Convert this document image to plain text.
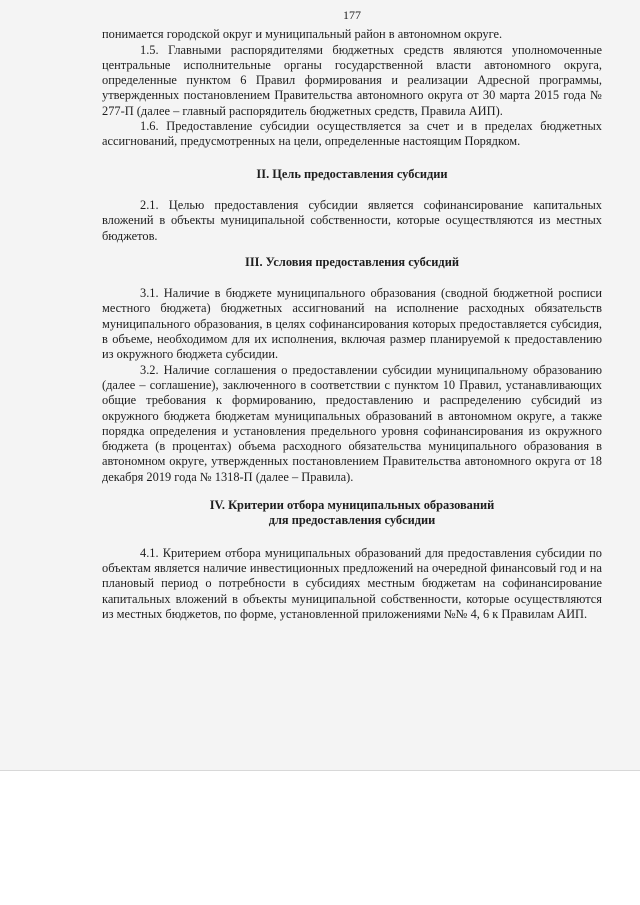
177

понимается городской округ и муниципальный район в автономном округе.

1.5. Главными распорядителями бюджетных средств являются уполномоченные центральные исполнительные органы государственной власти автономного округа, определенные пунктом 6 Правил формирования и реализации Адресной программы, утвержденных постановлением Правительства автономного округа от 30 марта 2015 года № 277-П (далее – главный распорядитель бюджетных средств, Правила АИП).

1.6. Предоставление субсидии осуществляется за счет и в пределах бюджетных ассигнований, предусмотренных на цели, определенные настоящим Порядком.

II. Цель предоставления субсидии

2.1. Целью предоставления субсидии является софинансирование капитальных вложений в объекты муниципальной собственности, которые осуществляются из местных бюджетов.

III. Условия предоставления субсидий

3.1. Наличие в бюджете муниципального образования (сводной бюджетной росписи местного бюджета) бюджетных ассигнований на исполнение расходных обязательств муниципального образования, в целях софинансирования которых предоставляется субсидия, в объеме, необходимом для их исполнения, включая размер планируемой к предоставлению из окружного бюджета субсидии.

3.2. Наличие соглашения о предоставлении субсидии муниципальному образованию (далее – соглашение), заключенного в соответствии с пунктом 10 Правил, устанавливающих общие требования к формированию, предоставлению и распределению субсидий из окружного бюджета бюджетам муниципальных образований в автономном округе, а также порядка определения и установления предельного уровня софинансирования из окружного бюджета (в процентах) объема расходного обязательства муниципального образования в автономном округе, утвержденных постановлением Правительства автономного округа от 18 декабря 2019 года № 1318-П (далее – Правила).

IV. Критерии отбора муниципальных образований
для предоставления субсидии

4.1. Критерием отбора муниципальных образований для предоставления субсидии по объектам является наличие инвестиционных предложений на очередной финансовый год и на плановый период о потребности в субсидиях местным бюджетам на софинансирование капитальных вложений в объекты муниципальной собственности, которые осуществляются из местных бюджетов, по форме, установленной приложениями №№ 4, 6 к Правилам АИП.
